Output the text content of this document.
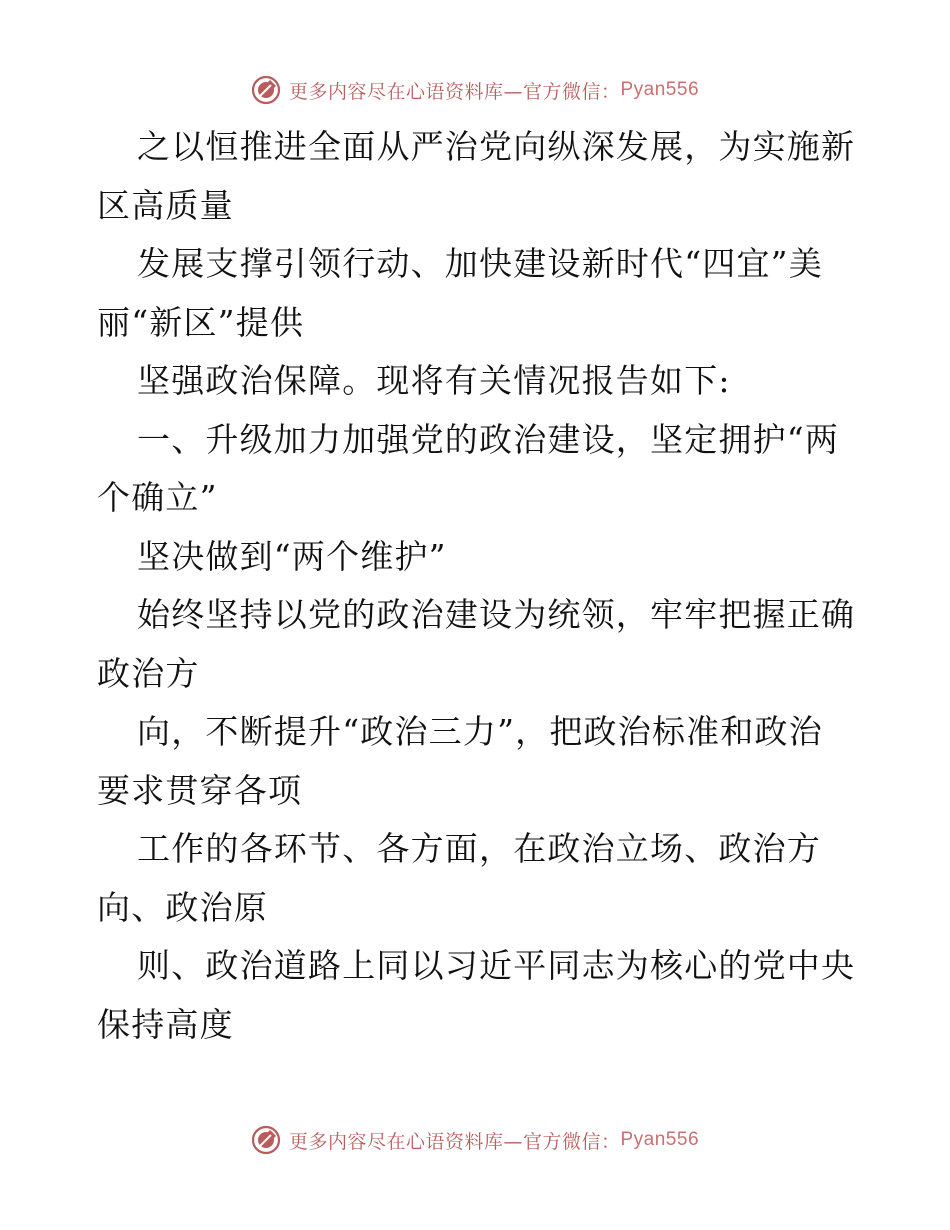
更多内容尽在心语资料库—官方微信： Pyan556
之以恒推进全面从严治党向纵深发展，为实施新
区高质量
发展支撑引领行动、加快建设新时代“四宜”美
丽“新区”提供
坚强政治保障。现将有关情况报告如下:
一、升级加力加强党的政治建设，坚定拥护“两
个确立”
坚决做到“两个维护”
始终坚持以党的政治建设为统领，牢牢把握正确
政治方
向，不断提升“政治三力”，把政治标准和政治
要求贯穿各项
工作的各环节、各方面，在政治立场、政治方
向、政治原
则、政治道路上同以习近平同志为核心的党中央
保持高度
更多内容尽在心语资料库—官方微信： Pyan556
